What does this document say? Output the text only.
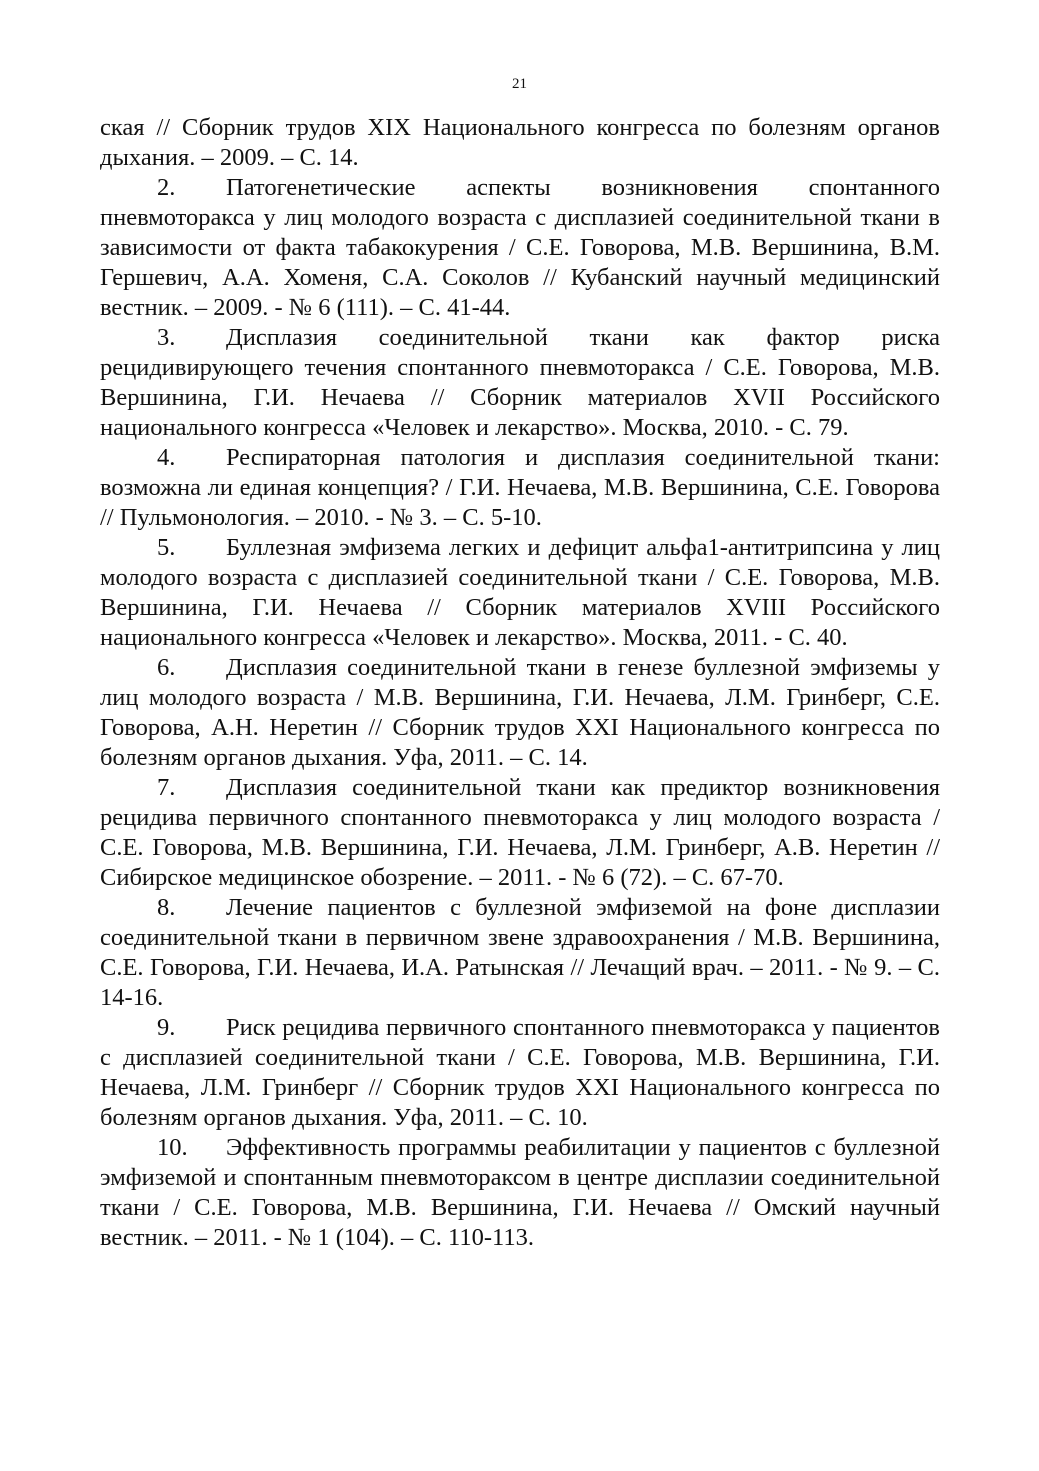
21

ская // Сборник трудов XIX Национального конгресса по болезням органов дыхания. – 2009. – С. 14.

2. Патогенетические аспекты возникновения спонтанного пневмоторакса у лиц молодого возраста с дисплазией соединительной ткани в зависимости от факта табакокурения / С.Е. Говорова, М.В. Вершинина, В.М. Гершевич, А.А. Хоменя, С.А. Соколов // Кубанский научный медицинский вестник. – 2009. - № 6 (111). – С. 41-44.

3. Дисплазия соединительной ткани как фактор риска рецидивирующего течения спонтанного пневмоторакса / С.Е. Говорова, М.В. Вершинина, Г.И. Нечаева // Сборник материалов XVII Российского национального конгресса «Человек и лекарство». Москва, 2010. - С. 79.

4. Респираторная патология и дисплазия соединительной ткани: возможна ли единая концепция? / Г.И. Нечаева, М.В. Вершинина, С.Е. Говорова // Пульмонология. – 2010. - № 3. – С. 5-10.

5. Буллезная эмфизема легких и дефицит альфа1-антитрипсина у лиц молодого возраста с дисплазией соединительной ткани / С.Е. Говорова, М.В. Вершинина, Г.И. Нечаева // Сборник материалов XVIII Российского национального конгресса «Человек и лекарство». Москва, 2011. - С. 40.

6. Дисплазия соединительной ткани в генезе буллезной эмфиземы у лиц молодого возраста / М.В. Вершинина, Г.И. Нечаева, Л.М. Гринберг, С.Е. Говорова, А.Н. Неретин // Сборник трудов XXI Национального конгресса по болезням органов дыхания. Уфа, 2011. – С. 14.

7. Дисплазия соединительной ткани как предиктор возникновения рецидива первичного спонтанного пневмоторакса у лиц молодого возраста / С.Е. Говорова, М.В. Вершинина, Г.И. Нечаева, Л.М. Гринберг, А.В. Неретин // Сибирское медицинское обозрение. – 2011. - № 6 (72). – С. 67-70.

8. Лечение пациентов с буллезной эмфиземой на фоне дисплазии соединительной ткани в первичном звене здравоохранения / М.В. Вершинина, С.Е. Говорова, Г.И. Нечаева, И.А. Ратынская // Лечащий врач. – 2011. - № 9. – С. 14-16.

9. Риск рецидива первичного спонтанного пневмоторакса у пациентов с дисплазией соединительной ткани / С.Е. Говорова, М.В. Вершинина, Г.И. Нечаева, Л.М. Гринберг // Сборник трудов XXI Национального конгресса по болезням органов дыхания. Уфа, 2011. – С. 10.

10. Эффективность программы реабилитации у пациентов с буллезной эмфиземой и спонтанным пневмотораксом в центре дисплазии соединительной ткани / С.Е. Говорова, М.В. Вершинина, Г.И. Нечаева // Омский научный вестник. – 2011. - № 1 (104). – С. 110-113.
